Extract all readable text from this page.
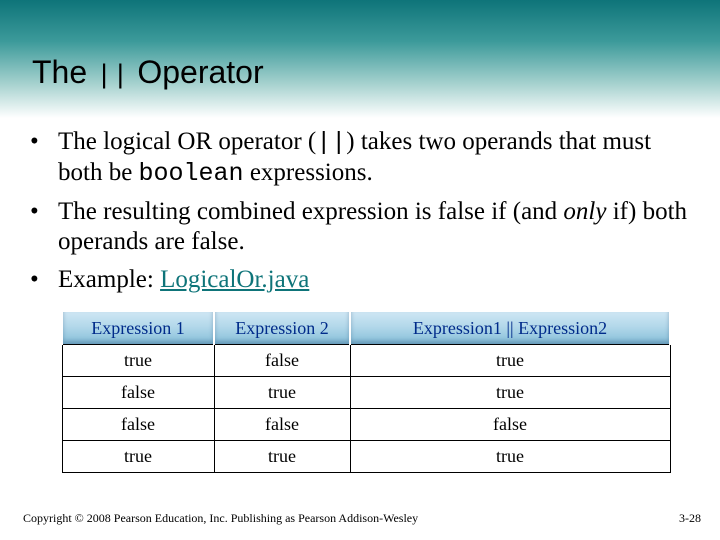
The || Operator
• The logical OR operator (||) takes two operands that must both be boolean expressions.
• The resulting combined expression is false if (and only if) both operands are false.
• Example: LogicalOr.java
Expression 1	Expression 2	Expression1 || Expression2
true	false	true
false	true	true
false	false	false
true	true	true
Copyright © 2008 Pearson Education, Inc. Publishing as Pearson Addison-Wesley	3-28
